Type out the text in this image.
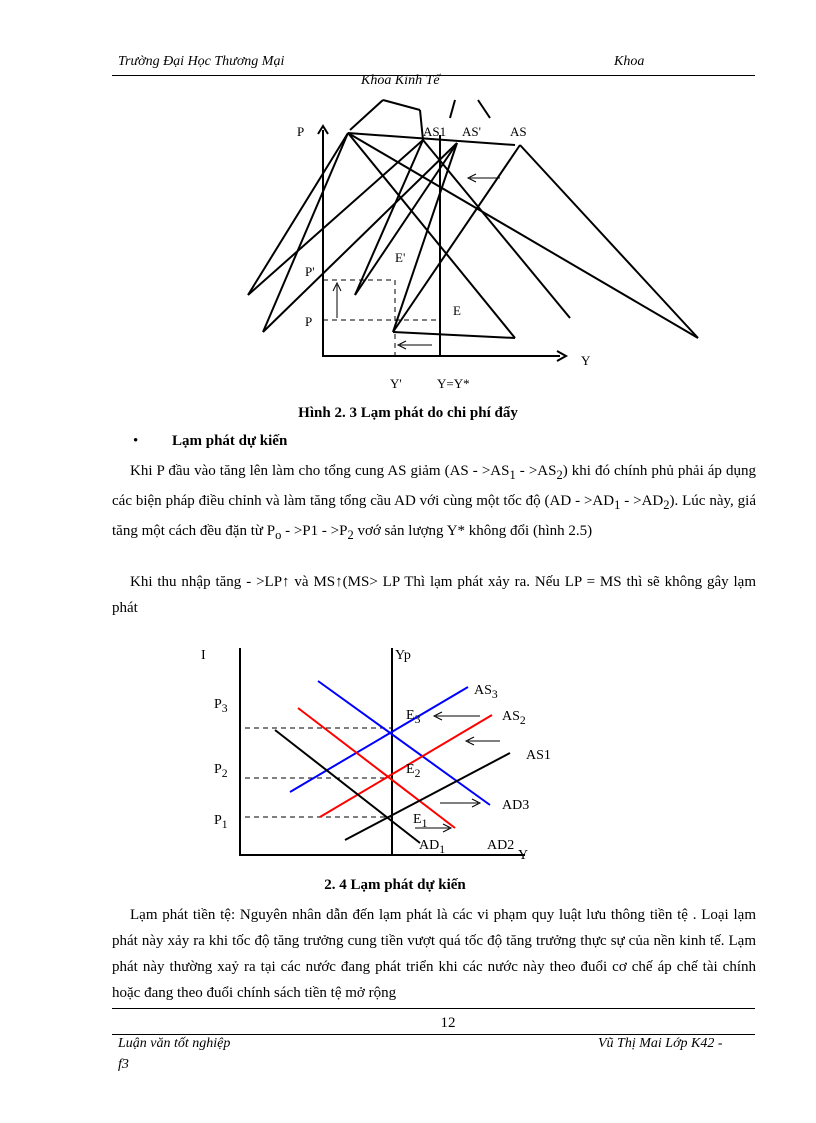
Trường Đại Học Thương Mại	Khoa
Khoa Kinh Tế
P	AS1 AS' AS
P'
E'
P
E
Y
Y'	Y=Y*
Hình 2. 3 Lạm phát do chi phí đẩy
• Lạm phát dự kiến

Khi P đầu vào tăng lên làm cho tổng cung AS giảm $(AS - >AS_1 - >AS_2)$ khi đó chính phủ phải áp dụng các biện pháp điều chỉnh và làm tăng tổng cầu AD với cùng một tốc độ $(AD - >AD_1 - >AD_2)$. Lúc này, giá tăng một cách đều đặn từ $P_o - >P1 - >P_2$ vơớ sản lượng Y* không đổi (hình 2.5)

Khi thu nhập tăng - >LP↑ và MS↑(MS> LP Thì lạm phát xảy ra. Nếu LP = MS thì sẽ không gây lạm phát

I	Yp
$P_3$
$P_2$
$P_1$
$AS_3$
$AS_2$
AS1
AD3
AD2
$AD_1$
$E_3$
$E_2$
$E_1$
Y
2. 4 Lạm phát dự kiến

Lạm phát tiền tệ: Nguyên nhân dẫn đến lạm phát là các vi phạm quy luật lưu thông tiền tệ . Loại lạm phát này xảy ra khi tốc độ tăng trưởng cung tiền vượt quá tốc độ tăng trưởng thực sự của nền kinh tế. Lạm phát này thường xaỷ ra tại các nước đang phát triển khi các nước này theo đuổi cơ chế áp chế tài chính hoặc đang theo đuổi chính sách tiền tệ mở rộng

12
Luận văn tốt nghiệp
f3
Vũ Thị Mai Lớp K42 -
